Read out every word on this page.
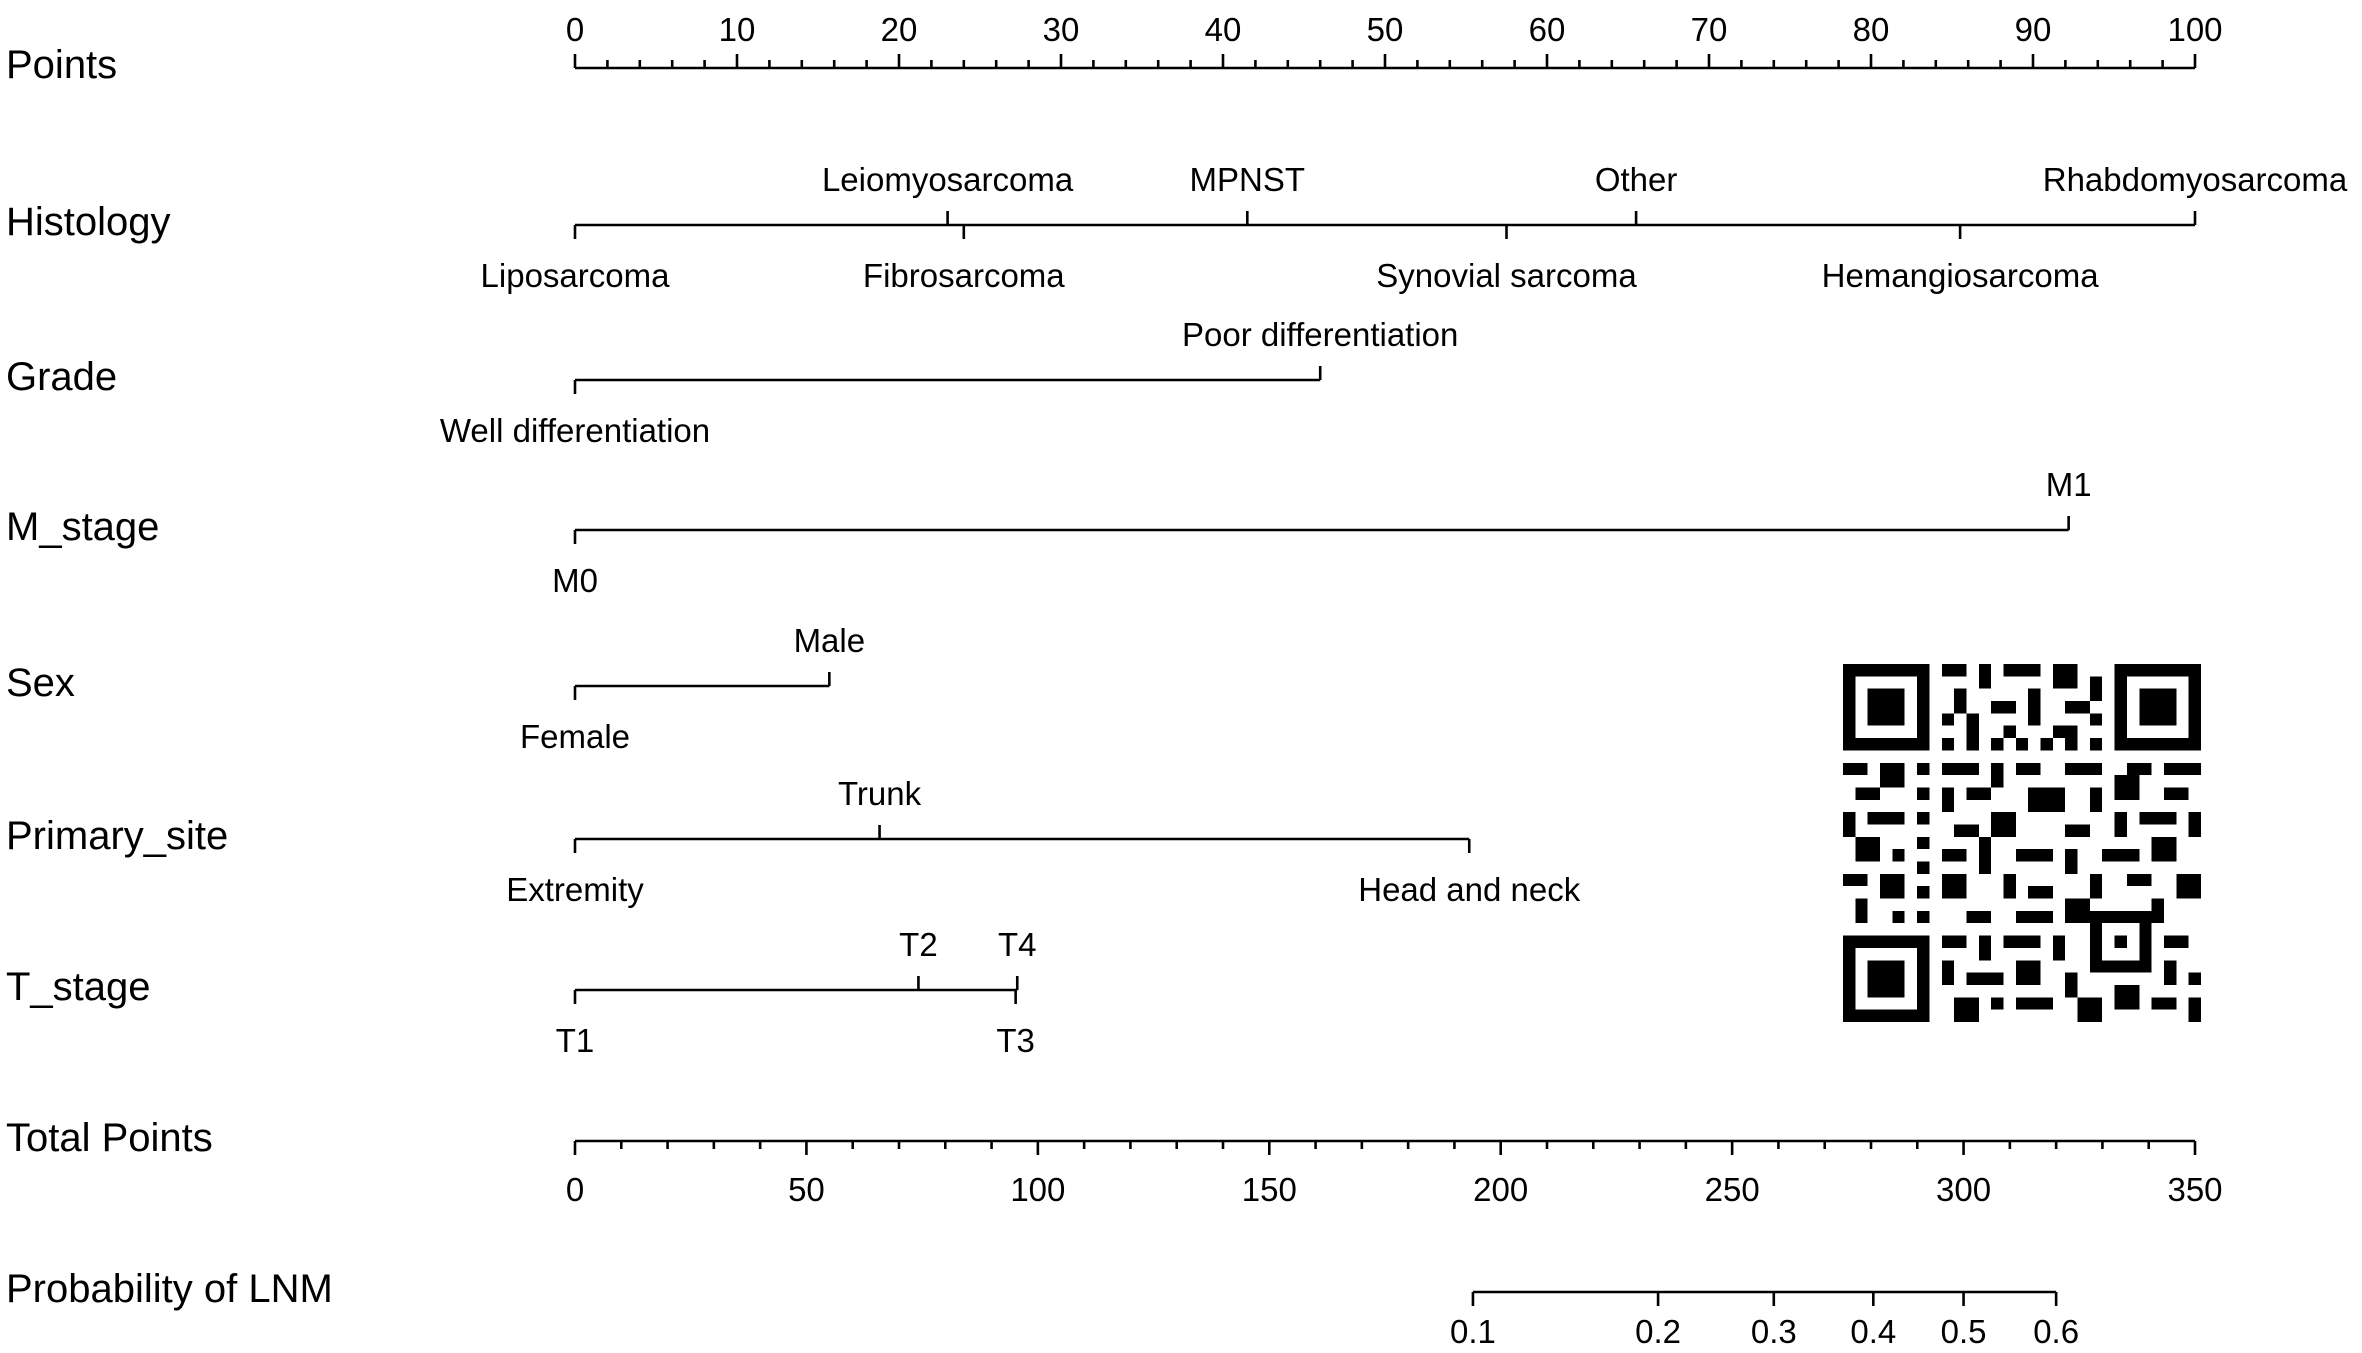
Points
0	10	20	30	40	50	60	70	80	90	100
Histology
Liposarcoma
Leiomyosarcoma
Fibrosarcoma
MPNST
Synovial sarcoma
Other
Hemangiosarcoma
Rhabdomyosarcoma
Grade
Well differentiation
Poor differentiation
M_stage
M0
M1
Sex
Female
Male
Primary_site
Extremity
Trunk
Head and neck
T_stage
T1
T2
T3
T4
Total Points
0	50	100	150	200	250	300	350
Probability of LNM
0.1	0.2 0.3 0.4 0.5 0.6
